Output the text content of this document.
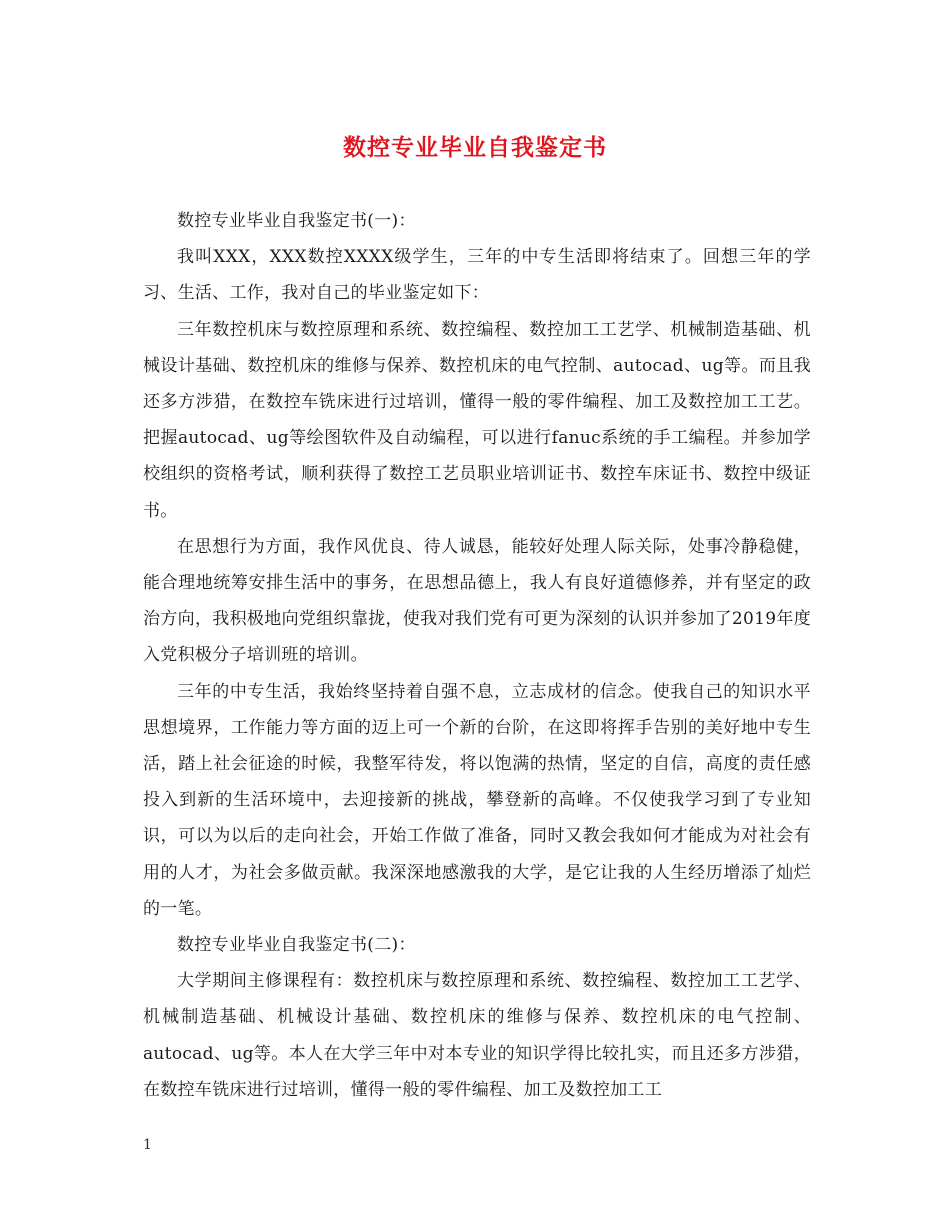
数控专业毕业自我鉴定书

数控专业毕业自我鉴定书(一)：

我叫XXX，XXX数控XXXX级学生，三年的中专生活即将结束了。回想三年的学习、生活、工作，我对自己的毕业鉴定如下：

三年数控机床与数控原理和系统、数控编程、数控加工工艺学、机械制造基础、机械设计基础、数控机床的维修与保养、数控机床的电气控制、autocad、ug等。而且我还多方涉猎，在数控车铣床进行过培训，懂得一般的零件编程、加工及数控加工工艺。把握autocad、ug等绘图软件及自动编程，可以进行fanuc系统的手工编程。并参加学校组织的资格考试，顺利获得了数控工艺员职业培训证书、数控车床证书、数控中级证书。

在思想行为方面，我作风优良、待人诚恳，能较好处理人际关际，处事冷静稳健，能合理地统筹安排生活中的事务，在思想品德上，我人有良好道德修养，并有坚定的政治方向，我积极地向党组织靠拢，使我对我们党有可更为深刻的认识并参加了2019年度入党积极分子培训班的培训。

三年的中专生活，我始终坚持着自强不息，立志成材的信念。使我自己的知识水平思想境界，工作能力等方面的迈上可一个新的台阶，在这即将挥手告别的美好地中专生活，踏上社会征途的时候，我整军待发，将以饱满的热情，坚定的自信，高度的责任感投入到新的生活环境中，去迎接新的挑战，攀登新的高峰。不仅使我学习到了专业知识，可以为以后的走向社会，开始工作做了准备，同时又教会我如何才能成为对社会有用的人才，为社会多做贡献。我深深地感激我的大学，是它让我的人生经历增添了灿烂的一笔。

数控专业毕业自我鉴定书(二)：

大学期间主修课程有：数控机床与数控原理和系统、数控编程、数控加工工艺学、机械制造基础、机械设计基础、数控机床的维修与保养、数控机床的电气控制、autocad、ug等。本人在大学三年中对本专业的知识学得比较扎实，而且还多方涉猎，在数控车铣床进行过培训，懂得一般的零件编程、加工及数控加工工

1
